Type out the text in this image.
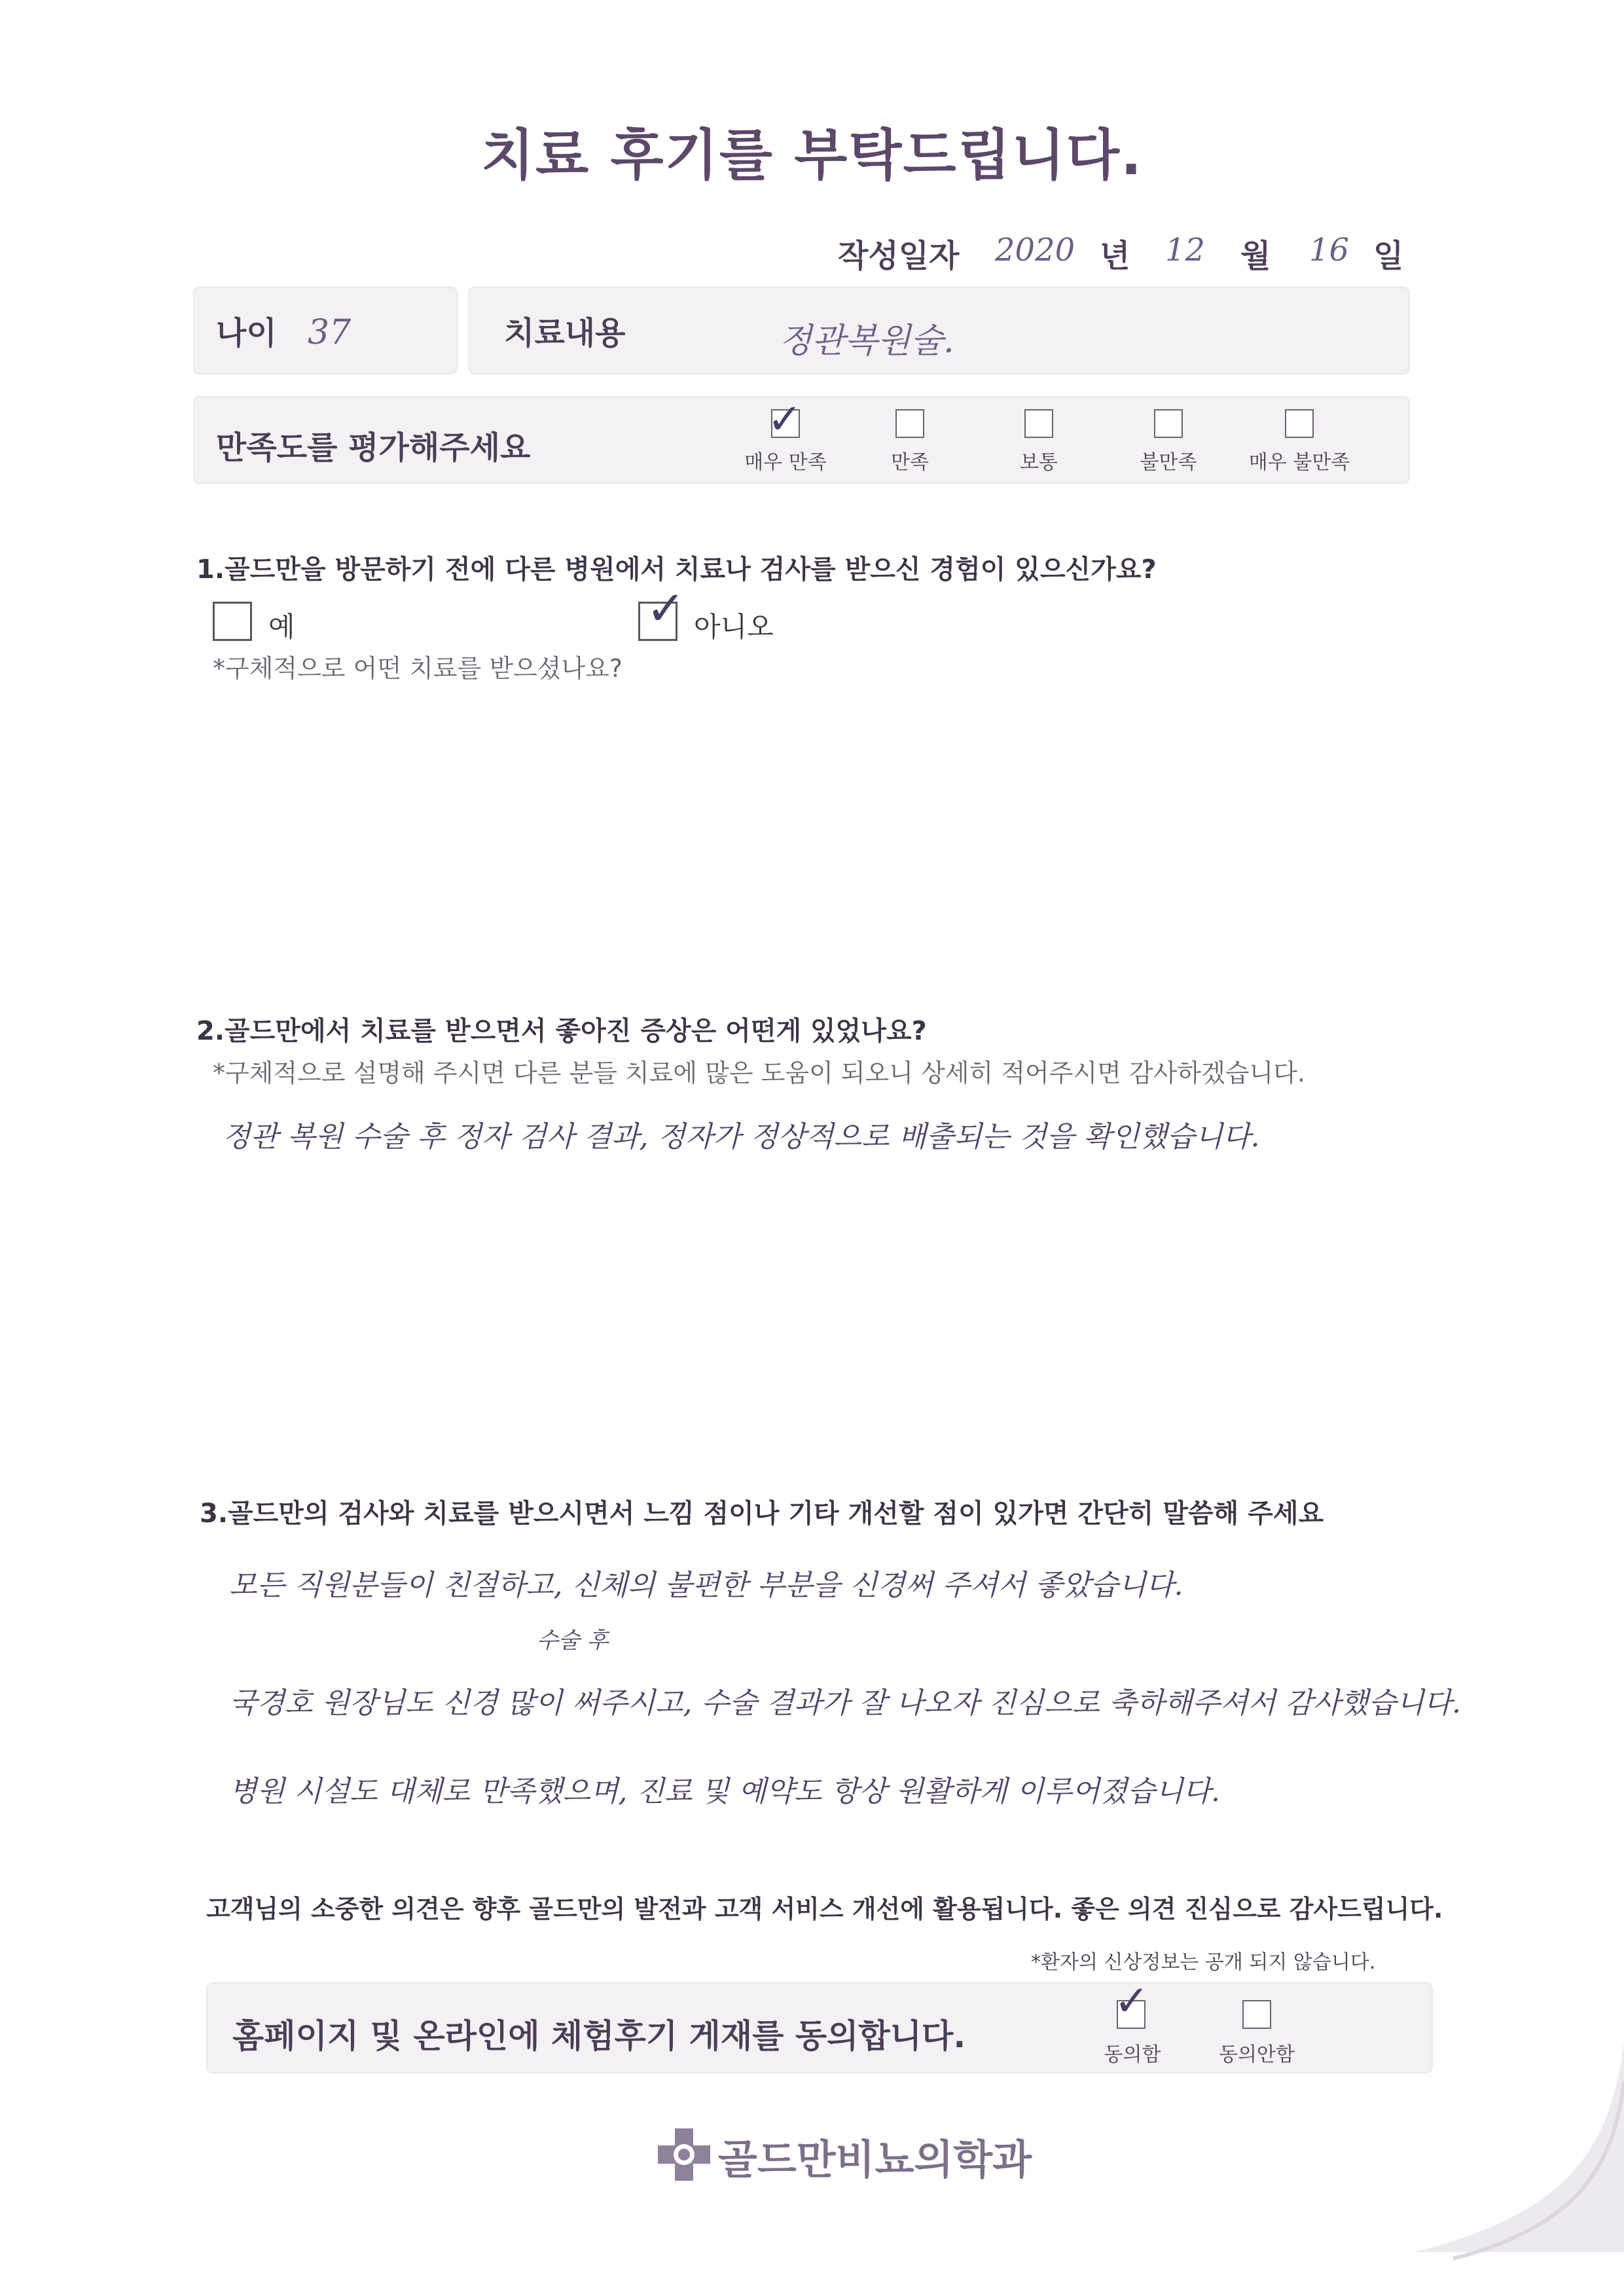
치료 후기를 부탁드립니다.
작성일자 2020 년 12 월 16 일
나이 37	치료내용	정관복원술.
만족도를 평가해주세요
✓
매우 만족	만족	보통	불만족	매우 불만족
1.골드만을 방문하기 전에 다른 병원에서 치료나 검사를 받으신 경험이 있으신가요?
예	✓ 아니오
*구체적으로 어떤 치료를 받으셨나요?
2.골드만에서 치료를 받으면서 좋아진 증상은 어떤게 있었나요?
*구체적으로 설명해 주시면 다른 분들 치료에 많은 도움이 되오니 상세히 적어주시면 감사하겠습니다.
정관 복원 수술 후 정자 검사 결과, 정자가 정상적으로 배출되는 것을 확인했습니다.
3.골드만의 검사와 치료를 받으시면서 느낌 점이나 기타 개선할 점이 있가면 간단히 말씀해 주세요
모든 직원분들이 친절하고, 신체의 불편한 부분을 신경써 주셔서 좋았습니다.
수술 후
국경호 원장님도 신경 많이 써주시고, 수술 결과가 잘 나오자 진심으로 축하해주셔서 감사했습니다.
병원 시설도 대체로 만족했으며, 진료 및 예약도 항상 원활하게 이루어졌습니다.
고객님의 소중한 의견은 향후 골드만의 발전과 고객 서비스 개선에 활용됩니다. 좋은 의견 진심으로 감사드립니다.
*환자의 신상정보는 공개 되지 않습니다.
홈페이지 및 온라인에 체험후기 게재를 동의합니다.
✓
동의함	동의안함
골드만비뇨의학과
